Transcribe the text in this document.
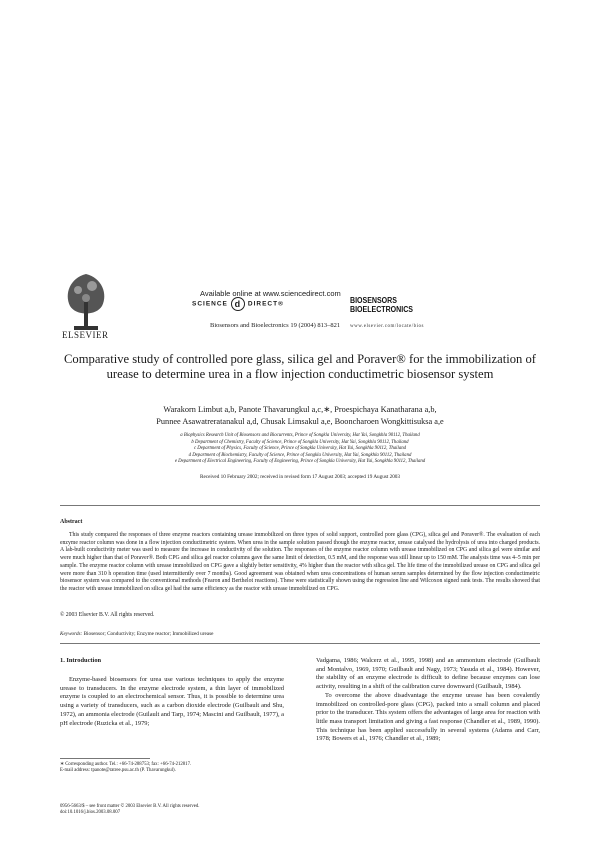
ELSEVIER
Available online at www.sciencedirect.com
SCIENCE d DIRECT®
Biosensors and Bioelectronics 19 (2004) 813–821
BIOSENSORS
BIOELECTRONICS
www.elsevier.com/locate/bios
Comparative study of controlled pore glass, silica gel and Poraver® for the immobilization of urease to determine urea in a flow injection conductimetric biosensor system
Warakorn Limbut a,b, Panote Thavarungkul a,c,∗, Proespichaya Kanatharana a,b,
Punnee Asawatreratanakul a,d, Chusak Limsakul a,e, Booncharoen Wongkittisuksa a,e
a Biophysics Research Unit of Biosensors and Biocurrents, Prince of Songkla University, Hat Yai, Songkhla 90112, Thailand
b Department of Chemistry, Faculty of Science, Prince of Songkla University, Hat Yai, Songkhla 90112, Thailand
c Department of Physics, Faculty of Science, Prince of Songkla University, Hat Yai, Songkhla 90112, Thailand
d Department of Biochemistry, Faculty of Science, Prince of Songkla University, Hat Yai, Songkhla 90112, Thailand
e Department of Electrical Engineering, Faculty of Engineering, Prince of Songkla University, Hat Yai, Songkhla 90112, Thailand
Received 10 February 2002; received in revised form 17 August 2003; accepted 19 August 2003
Abstract
This study compared the responses of three enzyme reactors containing urease immobilized on three types of solid support, controlled pore glass (CPG), silica gel and Poraver®. The evaluation of each enzyme reactor column was done in a flow injection conductimetric system. When urea in the sample solution passed though the enzyme reactor, urease catalysed the hydrolysis of urea into charged products. A lab-built conductivity meter was used to measure the increase in conductivity of the solution. The responses of the enzyme reactor column with urease immobilized on CPG and silica gel were similar and were much higher than that of Poraver®. Both CPG and silica gel reactor columns gave the same limit of detection, 0.5 mM, and the response was still linear up to 150 mM. The analysis time was 4–5 min per sample. The enzyme reactor column with urease immobilized on CPG gave a slightly better sensitivity, 4% higher than the reactor with silica gel. The life time of the immobilized urease on CPG and silica gel were more than 310 h operation time (used intermittently over 7 months). Good agreement was obtained when urea concentrations of human serum samples determined by the flow injection conductimetric biosensor system was compared to the conventional methods (Fearon and Berthelot reactions). These were statistically shown using the regression line and Wilcoxon signed rank tests. The results showed that the reactor with urease immobilized on silica gel had the same efficiency as the reactor with urease immobilized on CPG.
© 2003 Elsevier B.V. All rights reserved.
Keywords: Biosensor; Conductivity; Enzyme reactor; Immobilized urease
1. Introduction
Enzyme-based biosensors for urea use various techniques to apply the enzyme urease to transducers. In the enzyme electrode system, a thin layer of immobilized enzyme is coupled to an electrochemical sensor. Thus, it is possible to determine urea using a variety of transducers, such as a carbon dioxide electrode (Guilbault and Shu, 1972), an ammonia electrode (Guilault and Tarp, 1974; Mascini and Guilbault, 1977), a pH electrode (Ruzicka et al., 1979;

Vadgama, 1986; Walcerz et al., 1995, 1998) and an ammonium electrode (Guilbault and Montalvo, 1969, 1970; Guilbault and Nagy, 1973; Yasuda et al., 1984). However, the stability of an enzyme electrode is difficult to define because enzymes can lose activity, resulting in a shift of the calibration curve downward (Guilbault, 1984).

To overcome the above disadvantage the enzyme urease has been covalently immobilized on controlled-pore glass (CPG), packed into a small column and placed prior to the transducer. This system offers the advantages of large area for reaction with little mass transport limitation and giving a fast response (Chandler et al., 1989, 1990). This technique has been applied successfully in several systems (Adams and Carr, 1978; Bowers et al., 1976; Chandler et al., 1989;

∗ Corresponding author. Tel.: +66-74-288753; fax: +66-74-212817.
E-mail address: tpanote@ratree.psu.ac.th (P. Thavarungkul).
0956-5663/$ – see front matter © 2003 Elsevier B.V. All rights reserved.
doi:10.1016/j.bios.2003.08.007
